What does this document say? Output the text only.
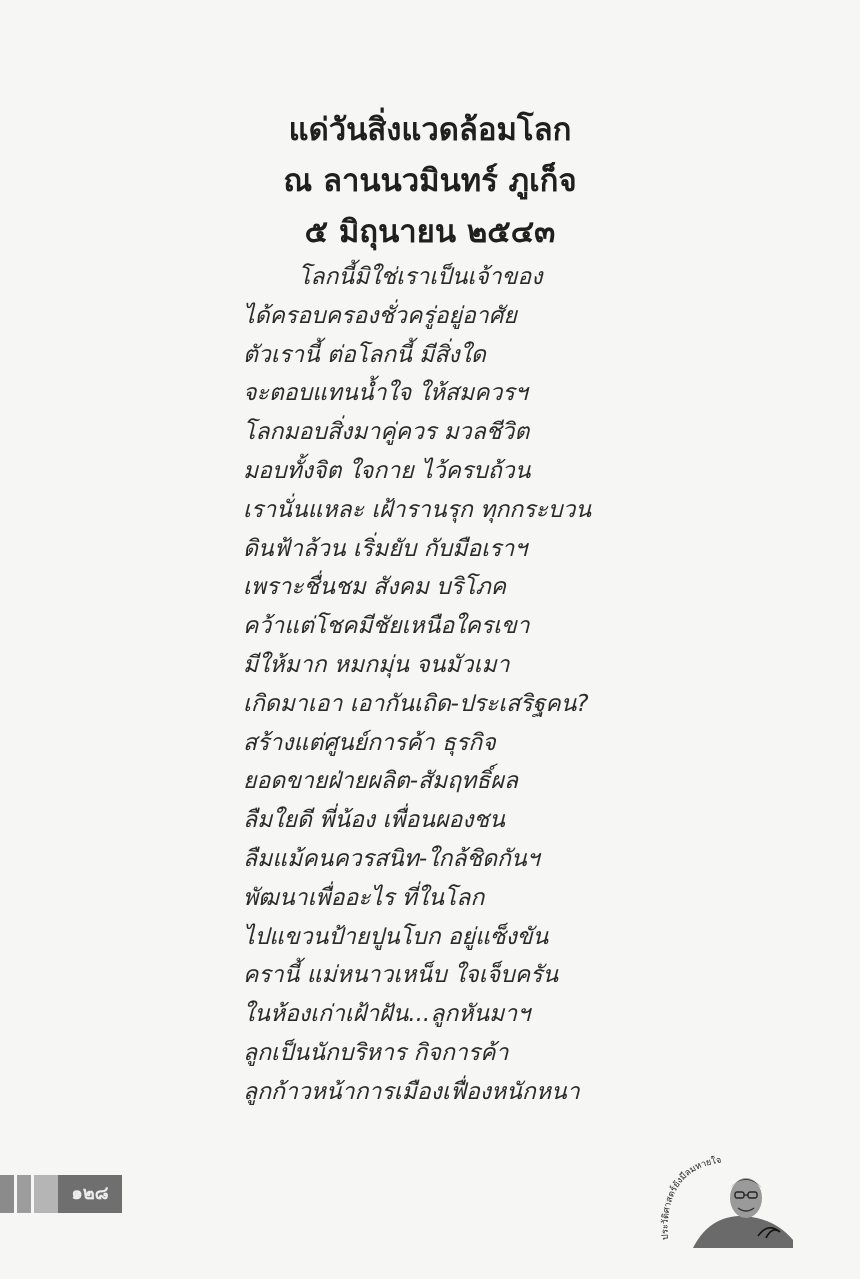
แด่วันสิ่งแวดล้อมโลก
ณ ลานนวมินทร์ ภูเก็จ
๕ มิถุนายน ๒๕๔๓
โลกนี้มิใช่เราเป็นเจ้าของ
ได้ครอบครองชั่วครู่อยู่อาศัย
ตัวเรานี้ ต่อโลกนี้ มีสิ่งใด
จะตอบแทนน้ำใจ ให้สมควรฯ
โลกมอบสิ่งมาคู่ควร มวลชีวิต
มอบทั้งจิต ใจกาย ไว้ครบถ้วน
เรานั่นแหละ เฝ้ารานรุก ทุกกระบวน
ดินฟ้าล้วน เริ่มยับ กับมือเราฯ
เพราะชื่นชม สังคม บริโภค
คว้าแต่โชคมีชัยเหนือใครเขา
มีให้มาก หมกมุ่น จนมัวเมา
เกิดมาเอา เอากันเถิด-ประเสริฐคน?
สร้างแต่ศูนย์การค้า ธุรกิจ
ยอดขายฝ่ายผลิต-สัมฤทธิ์ผล
ลืมใยดี พี่น้อง เพื่อนผองชน
ลืมแม้คนควรสนิท-ใกล้ชิดกันฯ
พัฒนาเพื่ออะไร ที่ในโลก
ไปแขวนป้ายปูนโบก อยู่แซ็งขัน
ครานี้ แม่หนาวเหน็บ ใจเจ็บครัน
ในห้องเก่าเฝ้าฝัน...ลูกหันมาฯ
ลูกเป็นนักบริหาร กิจการค้า
ลูกก้าวหน้าการเมืองเฟื่องหนักหนา
๑๒๘
ประวัติศาสตร์ยังมีลมหายใจ
